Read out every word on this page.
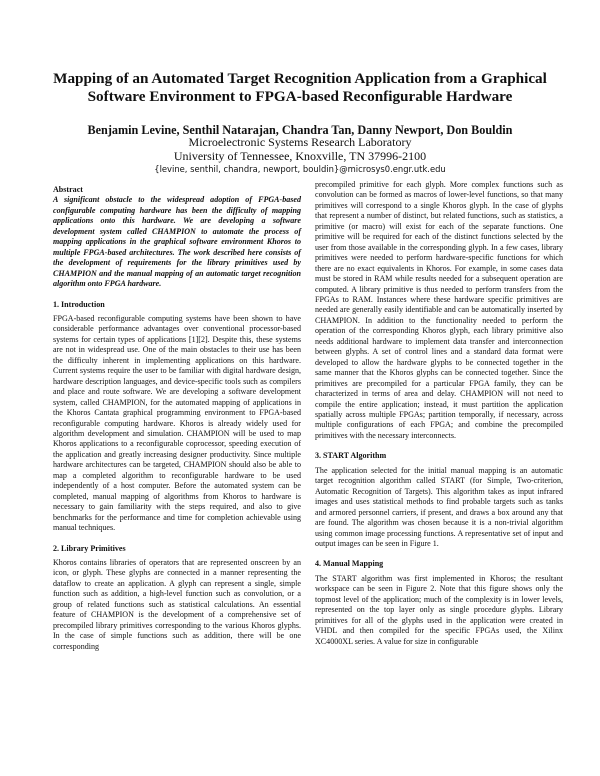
Mapping of an Automated Target Recognition Application from a Graphical Software Environment to FPGA-based Reconfigurable Hardware
Benjamin Levine, Senthil Natarajan, Chandra Tan, Danny Newport, Don Bouldin
Microelectronic Systems Research Laboratory
University of Tennessee, Knoxville, TN 37996-2100
{levine, senthil, chandra, newport, bouldin}@microsys0.engr.utk.edu
Abstract

A significant obstacle to the widespread adoption of FPGA-based configurable computing hardware has been the difficulty of mapping applications onto this hardware. We are developing a software development system called CHAMPION to automate the process of mapping applications in the graphical software environment Khoros to multiple FPGA-based architectures. The work described here consists of the development of requirements for the library primitives used by CHAMPION and the manual mapping of an automatic target recognition algorithm onto FPGA hardware.

1. Introduction

FPGA-based reconfigurable computing systems have been shown to have considerable performance advantages over conventional processor-based systems for certain types of applications [1][2]. Despite this, these systems are not in widespread use. One of the main obstacles to their use has been the difficulty inherent in implementing applications on this hardware. Current systems require the user to be familiar with digital hardware design, hardware description languages, and device-specific tools such as compilers and place and route software. We are developing a software development system, called CHAMPION, for the automated mapping of applications in the Khoros Cantata graphical programming environment to FPGA-based reconfigurable computing hardware. Khoros is already widely used for algorithm development and simulation. CHAMPION will be used to map Khoros applications to a reconfigurable coprocessor, speeding execution of the application and greatly increasing designer productivity. Since multiple hardware architectures can be targeted, CHAMPION should also be able to map a completed algorithm to reconfigurable hardware to be used independently of a host computer. Before the automated system can be completed, manual mapping of algorithms from Khoros to hardware is necessary to gain familiarity with the steps required, and also to give benchmarks for the performance and time for completion achievable using manual techniques.

2. Library Primitives

Khoros contains libraries of operators that are represented onscreen by an icon, or glyph. These glyphs are connected in a manner representing the dataflow to create an application. A glyph can represent a single, simple function such as addition, a high-level function such as convolution, or a group of related functions such as statistical calculations. An essential feature of CHAMPION is the development of a comprehensive set of precompiled library primitives corresponding to the various Khoros glyphs. In the case of simple functions such as addition, there will be one corresponding

precompiled primitive for each glyph. More complex functions such as convolution can be formed as macros of lower-level functions, so that many primitives will correspond to a single Khoros glyph. In the case of glyphs that represent a number of distinct, but related functions, such as statistics, a primitive (or macro) will exist for each of the separate functions. One primitive will be required for each of the distinct functions selected by the user from those available in the corresponding glyph. In a few cases, library primitives were needed to perform hardware-specific functions for which there are no exact equivalents in Khoros. For example, in some cases data must be stored in RAM while results needed for a subsequent operation are computed. A library primitive is thus needed to perform transfers from the FPGAs to RAM. Instances where these hardware specific primitives are needed are generally easily identifiable and can be automatically inserted by CHAMPION. In addition to the functionality needed to perform the operation of the corresponding Khoros glyph, each library primitive also needs additional hardware to implement data transfer and interconnection between glyphs. A set of control lines and a standard data format were developed to allow the hardware glyphs to be connected together in the same manner that the Khoros glyphs can be connected together. Since the primitives are precompiled for a particular FPGA family, they can be characterized in terms of area and delay. CHAMPION will not need to compile the entire application; instead, it must partition the application spatially across multiple FPGAs; partition temporally, if necessary, across multiple configurations of each FPGA; and combine the precompiled primitives with the necessary interconnects.

3. START Algorithm

The application selected for the initial manual mapping is an automatic target recognition algorithm called START (for Simple, Two-criterion, Automatic Recognition of Targets). This algorithm takes as input infrared images and uses statistical methods to find probable targets such as tanks and armored personnel carriers, if present, and draws a box around any that are found. The algorithm was chosen because it is a non-trivial algorithm using common image processing functions. A representative set of input and output images can be seen in Figure 1.

4. Manual Mapping

The START algorithm was first implemented in Khoros; the resultant workspace can be seen in Figure 2. Note that this figure shows only the topmost level of the application; much of the complexity is in lower levels, represented on the top layer only as single procedure glyphs. Library primitives for all of the glyphs used in the application were created in VHDL and then compiled for the specific FPGAs used, the Xilinx XC4000XL series. A value for size in configurable
